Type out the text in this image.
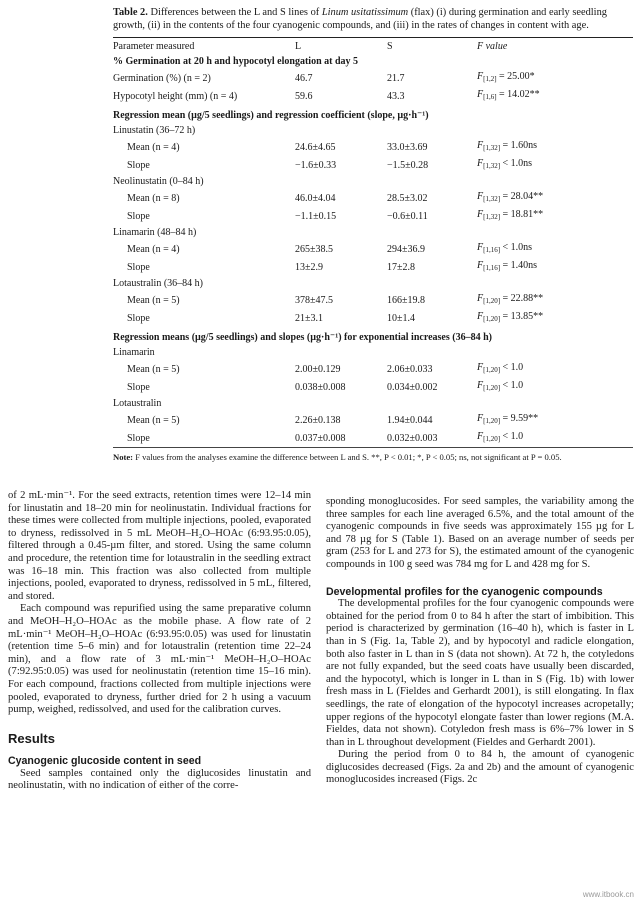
Table 2. Differences between the L and S lines of Linum usitatissimum (flax) (i) during germination and early seedling growth, (ii) in the contents of the four cyanogenic compounds, and (iii) in the rates of changes in content with age.

Parameter measured	L	S	F value
% Germination at 20 h and hypocotyl elongation at day 5			
Germination (%) (n = 2)	46.7	21.7	$F_{[1,2]} = 25.00*$
Hypocotyl height (mm) (n = 4)	59.6	43.3	$F_{[1,6]} = 14.02**$

Regression mean (µg/5 seedlings) and regression coefficient (slope, µg·h⁻¹)			
Linustatin (36–72 h)			
Mean (n = 4)	24.6±4.65	33.0±3.69	$F_{[1,32]} = 1.60ns$
Slope	−1.6±0.33	−1.5±0.28	$F_{[1,32]} < 1.0ns$
Neolinustatin (0–84 h)			
Mean (n = 8)	46.0±4.04	28.5±3.02	$F_{[1,32]} = 28.04**$
Slope	−1.1±0.15	−0.6±0.11	$F_{[1,32]} = 18.81**$
Linamarin (48–84 h)			
Mean (n = 4)	265±38.5	294±36.9	$F_{[1,16]} < 1.0ns$
Slope	13±2.9	17±2.8	$F_{[1,16]} = 1.40ns$
Lotaustralin (36–84 h)			
Mean (n = 5)	378±47.5	166±19.8	$F_{[1,20]} = 22.88**$
Slope	21±3.1	10±1.4	$F_{[1,20]} = 13.85**$

Regression means (µg/5 seedlings) and slopes (µg·h⁻¹) for exponential increases (36–84 h)			
Linamarin			
Mean (n = 5)	2.00±0.129	2.06±0.033	$F_{[1,20]} < 1.0$
Slope	0.038±0.008	0.034±0.002	$F_{[1,20]} < 1.0$
Lotaustralin			
Mean (n = 5)	2.26±0.138	1.94±0.044	$F_{[1,20]} = 9.59**$
Slope	0.037±0.008	0.032±0.003	$F_{[1,20]} < 1.0$
Note: F values from the analyses examine the difference between L and S. **, P < 0.01; *, P < 0.05; ns, not significant at P = 0.05.

of 2 mL·min⁻¹. For the seed extracts, retention times were 12–14 min for linustatin and 18–20 min for neolinustatin. Individual fractions for these times were collected from multiple injections, pooled, evaporated to dryness, redissolved in 5 mL MeOH–H₂O–HOAc (6:93.95:0.05), filtered through a 0.45-µm filter, and stored. Using the same column and procedure, the retention time for lotaustralin in the seedling extract was 16–18 min. This fraction was also collected from multiple injections, pooled, evaporated to dryness, redissolved in 5 mL, filtered, and stored.

Each compound was repurified using the same preparative column and MeOH–H₂O–HOAc as the mobile phase. A flow rate of 2 mL·min⁻¹ MeOH–H₂O–HOAc (6:93.95:0.05) was used for linustatin (retention time 5–6 min) and for lotaustralin (retention time 22–24 min), and a flow rate of 3 mL·min⁻¹ MeOH–H₂O–HOAc (7:92.95:0.05) was used for neolinustatin (retention time 15–16 min). For each compound, fractions collected from multiple injections were pooled, evaporated to dryness, further dried for 2 h using a vacuum pump, weighed, redissolved, and used for the calibration curves.

Results
Cyanogenic glucoside content in seed

Seed samples contained only the diglucosides linustatin and neolinustatin, with no indication of either of the corre-

sponding monoglucosides. For seed samples, the variability among the three samples for each line averaged 6.5%, and the total amount of the cyanogenic compounds in five seeds was approximately 155 µg for L and 78 µg for S (Table 1). Based on an average number of seeds per gram (253 for L and 273 for S), the estimated amount of the cyanogenic compounds in 100 g seed was 784 mg for L and 428 mg for S.

Developmental profiles for the cyanogenic compounds

The developmental profiles for the four cyanogenic compounds were obtained for the period from 0 to 84 h after the start of imbibition. This period is characterized by germination (16–40 h), which is faster in L than in S (Fig. 1a, Table 2), and by hypocotyl and radicle elongation, both also faster in L than in S (data not shown). At 72 h, the cotyledons are not fully expanded, but the seed coats have usually been discarded, and the hypocotyl, which is longer in L than in S (Fig. 1b) with lower fresh mass in L (Fieldes and Gerhardt 2001), is still elongating. In flax seedlings, the rate of elongation of the hypocotyl increases acropetally; upper regions of the hypocotyl elongate faster than lower regions (M.A. Fieldes, data not shown). Cotyledon fresh mass is 6%–7% lower in S than in L throughout development (Fieldes and Gerhardt 2001).

During the period from 0 to 84 h, the amount of cyanogenic diglucosides decreased (Figs. 2a and 2b) and the amount of cyanogenic monoglucosides increased (Figs. 2c

www.itbook.cn
